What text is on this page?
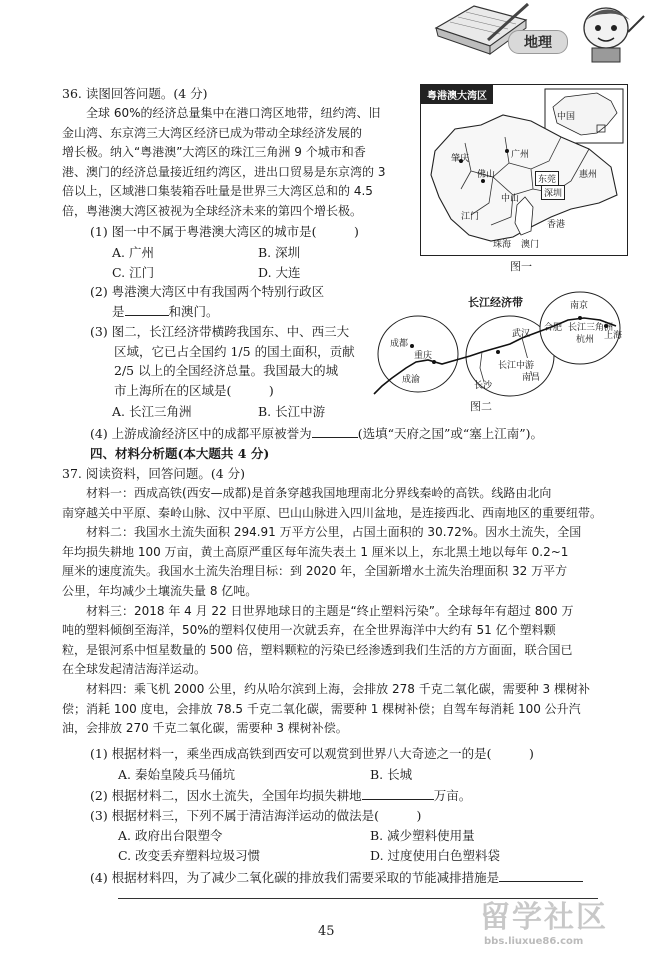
地理
36. 读图回答问题。(4 分)
全球 60%的经济总量集中在港口湾区地带，纽约湾、旧
金山湾、东京湾三大湾区经济已成为带动全球经济发展的
增长极。纳入“粤港澳”大湾区的珠江三角洲 9 个城市和香
港、澳门的经济总量接近纽约湾区，进出口贸易是东京湾的 3
倍以上，区域港口集装箱吞吐量是世界三大湾区总和的 4.5
倍，粤港澳大湾区被视为全球经济未来的第四个增长极。
(1) 图一中不属于粤港澳大湾区的城市是(　　　)
A. 广州	B. 深圳
C. 江门	D. 大连
(2) 粤港澳大湾区中有我国两个特别行政区
是	和澳门。
(3) 图二，长江经济带横跨我国东、中、西三大
区域，它已占全国约 1/5 的国土面积，贡献
2/5 以上的全国经济总量。我国最大的城
市上海所在的区域是(　　　)
A. 长江三角洲	B. 长江中游
(4) 上游成渝经济区中的成都平原被誉为	(选填“天府之国”或“塞上江南”)。
粤港澳大湾区
中国
肇庆	广州
佛山	东莞	惠州
中山	深圳
江门
香港
珠海 澳门
图一
长江经济带	南京
合肥 长江三角洲
上海
杭州
武汉
成都
重庆
成渝
长江中游
长沙
南昌
图二
四、材料分析题(本大题共 4 分)
37. 阅读资料，回答问题。(4 分)
材料一：西成高铁(西安—成都)是首条穿越我国地理南北分界线秦岭的高铁。线路由北向
南穿越关中平原、秦岭山脉、汉中平原、巴山山脉进入四川盆地，是连接西北、西南地区的重要纽带。
材料二：我国水土流失面积 294.91 万平方公里，占国土面积的 30.72%。因水土流失，全国
年均损失耕地 100 万亩，黄土高原严重区每年流失表土 1 厘米以上，东北黑土地以每年 0.2~1
厘米的速度流失。我国水土流失治理目标：到 2020 年，全国新增水土流失治理面积 32 万平方
公里，年均减少土壤流失量 8 亿吨。
材料三：2018 年 4 月 22 日世界地球日的主题是“终止塑料污染”。全球每年有超过 800 万
吨的塑料倾倒至海洋，50%的塑料仅使用一次就丢弃，在全世界海洋中大约有 51 亿个塑料颗
粒，是银河系中恒星数量的 500 倍，塑料颗粒的污染已经渗透到我们生活的方方面面，联合国已
在全球发起清洁海洋运动。
材料四：乘飞机 2000 公里，约从哈尔滨到上海，会排放 278 千克二氧化碳，需要种 3 棵树补
偿；消耗 100 度电，会排放 78.5 千克二氧化碳，需要种 1 棵树补偿；自驾车每消耗 100 公升汽
油，会排放 270 千克二氧化碳，需要种 3 棵树补偿。
(1) 根据材料一，乘坐西成高铁到西安可以观赏到世界八大奇迹之一的是(　　　)
A. 秦始皇陵兵马俑坑	B. 长城
(2) 根据材料二，因水土流失，全国年均损失耕地	万亩。
(3) 根据材料三，下列不属于清洁海洋运动的做法是(　　　)
A. 政府出台限塑令	B. 减少塑料使用量
C. 改变丢弃塑料垃圾习惯	D. 过度使用白色塑料袋
(4) 根据材料四，为了减少二氧化碳的排放我们需要采取的节能减排措施是
45	留学社区
bbs.liuxue86.com
